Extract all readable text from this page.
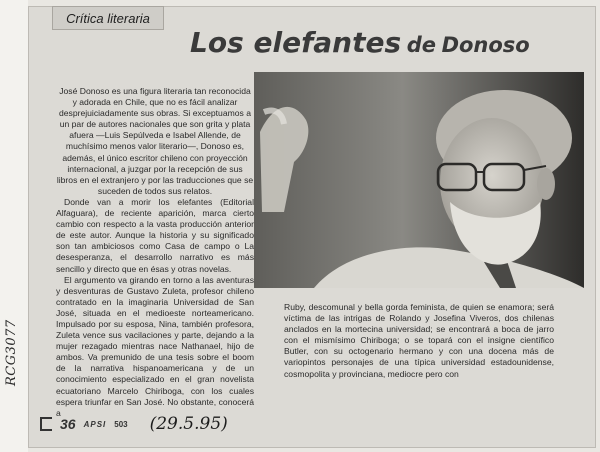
RCG3077
Crítica literaria
Los elefantes de Donoso

José Donoso es una figura literaria tan reconocida y adorada en Chile, que no es fácil analizar desprejuiciadamente sus obras. Si exceptuamos a un par de autores nacionales que son grita y plata afuera —Luis Sepúlveda e Isabel Allende, de muchísimo menos valor literario—, Donoso es, además, el único escritor chileno con proyección internacional, a juzgar por la recepción de sus libros en el extranjero y por las traducciones que se suceden de todos sus relatos.

Donde van a morir los elefantes (Editorial Alfaguara), de reciente aparición, marca cierto cambio con respecto a la vasta producción anterior de este autor. Aunque la historia y su significado son tan ambiciosos como Casa de campo o La desesperanza, el desarrollo narrativo es más sencillo y directo que en ésas y otras novelas.

El argumento va girando en torno a las aventuras y desventuras de Gustavo Zuleta, profesor chileno contratado en la imaginaria Universidad de San José, situada en el medioeste norteamericano. Impulsado por su esposa, Nina, también profesora, Zuleta vence sus vacilaciones y parte, dejando a la mujer rezagado mientras nace Nathanael, hijo de ambos. Va premunido de una tesis sobre el boom de la narrativa hispanoamericana y de un conocimiento especializado en el gran novelista ecuatoriano Marcelo Chiriboga, con los cuales espera triunfar en San José. No obstante, conocerá a

Ruby, descomunal y bella gorda feminista, de quien se enamora; será víctima de las intrigas de Rolando y Josefina Viveros, dos chilenas anclados en la mortecina universidad; se encontrará a boca de jarro con el mismísimo Chiriboga; o se topará con el insigne científico Butler, con su octogenario hermano y con una docena más de variopintos personajes de una típica universidad estadounidense, cosmopolita y provinciana, mediocre pero con

36 APSI 503 (29.5.95)
